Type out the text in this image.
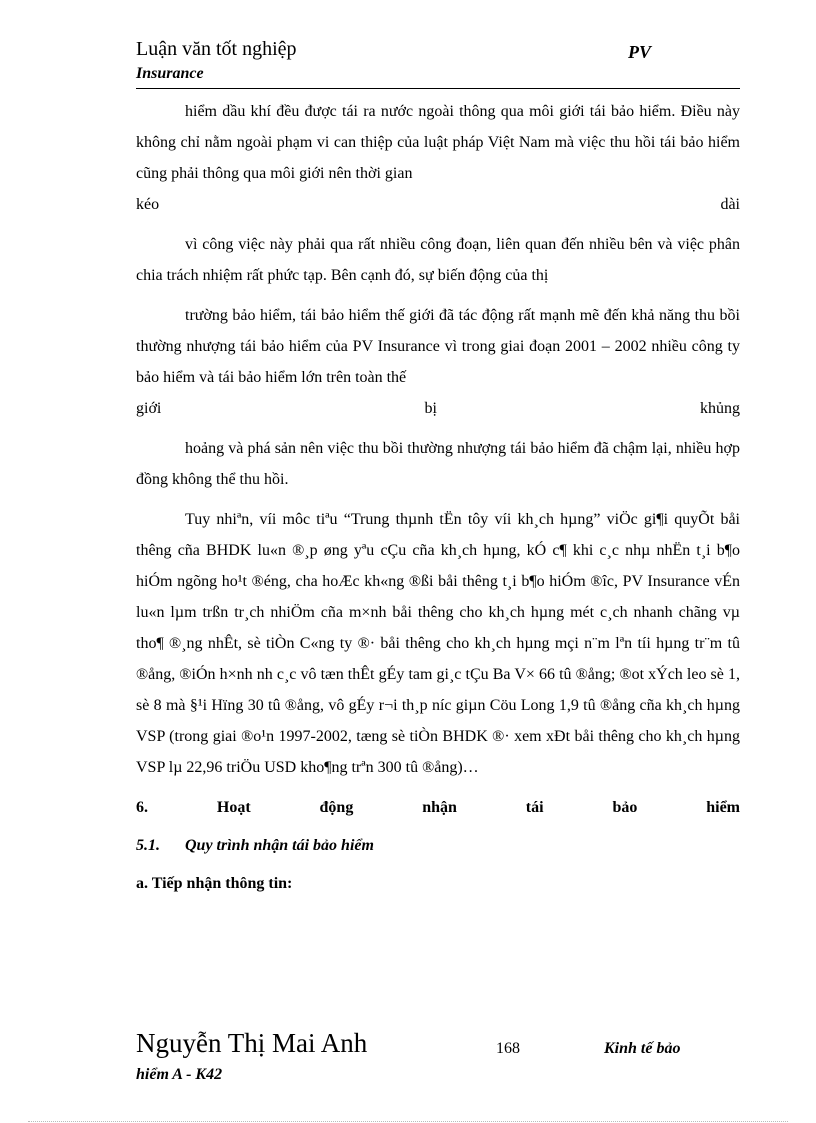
Luận văn tốt nghiệp	PV
Insurance

hiểm dầu khí đều được tái ra nước ngoài thông qua môi giới tái bảo hiểm. Điều này không chỉ nằm ngoài phạm vi can thiệp của luật pháp Việt Nam mà việc thu hồi tái bảo hiểm cũng phải thông qua môi giới nên thời gian

kéo dài

vì công việc này phải qua rất nhiều công đoạn, liên quan đến nhiều bên và việc phân chia trách nhiệm rất phức tạp. Bên cạnh đó, sự biến động của thị

trường bảo hiểm, tái bảo hiểm thế giới đã tác động rất mạnh mẽ đến khả năng thu bồi thường nhượng tái bảo hiểm của PV Insurance vì trong giai đoạn 2001 – 2002 nhiều công ty bảo hiểm và tái bảo hiểm lớn trên toàn thế

giới bị khủng

hoảng và phá sản nên việc thu bồi thường nhượng tái bảo hiểm đã chậm lại, nhiều hợp đồng không thể thu hồi.

Tuy nhiªn, víi môc tiªu “Trung thµnh tËn tôy víi kh¸ch hµng” viÖc gi¶i quyÕt båi thêng cña BHDK lu«n ®¸p øng yªu cÇu cña kh¸ch hµng, kÓ c¶ khi c¸c nhµ nhËn t¸i b¶o hiÓm ngõng ho¹t ®éng, cha hoÆc kh«ng ®ßi båi thêng t¸i b¶o hiÓm ®îc, PV Insurance vÉn lu«n lµm trßn tr¸ch nhiÖm cña m×nh båi thêng cho kh¸ch hµng mét c¸ch nhanh chãng vµ tho¶ ®¸ng nhÊt, sè tiÒn C«ng ty ®· båi thêng cho kh¸ch hµng mçi n¨m lªn tíi hµng tr¨m tû ®ång, ®iÓn h×nh nh c¸c vô tæn thÊt gÉy tam gi¸c tÇu Ba V× 66 tû ®ång; ®ot xÝch leo sè 1, sè 8 mà §¹i Hïng 30 tû ®ång, vô gÉy r¬i th¸p níc giµn Cöu Long 1,9 tû ®ång cña kh¸ch hµng VSP (trong giai ®o¹n 1997-2002, tæng sè tiÒn BHDK ®· xem xÐt båi thêng cho kh¸ch hµng VSP lµ 22,96 triÖu USD kho¶ng trªn 300 tû ®ång)…

6. Hoạt động nhận tái bảo hiểm
5.1. Quy trình nhận tái bảo hiểm
a. Tiếp nhận thông tin:
Nguyễn Thị Mai Anh	168	Kinh tế bảo
hiểm A - K42
